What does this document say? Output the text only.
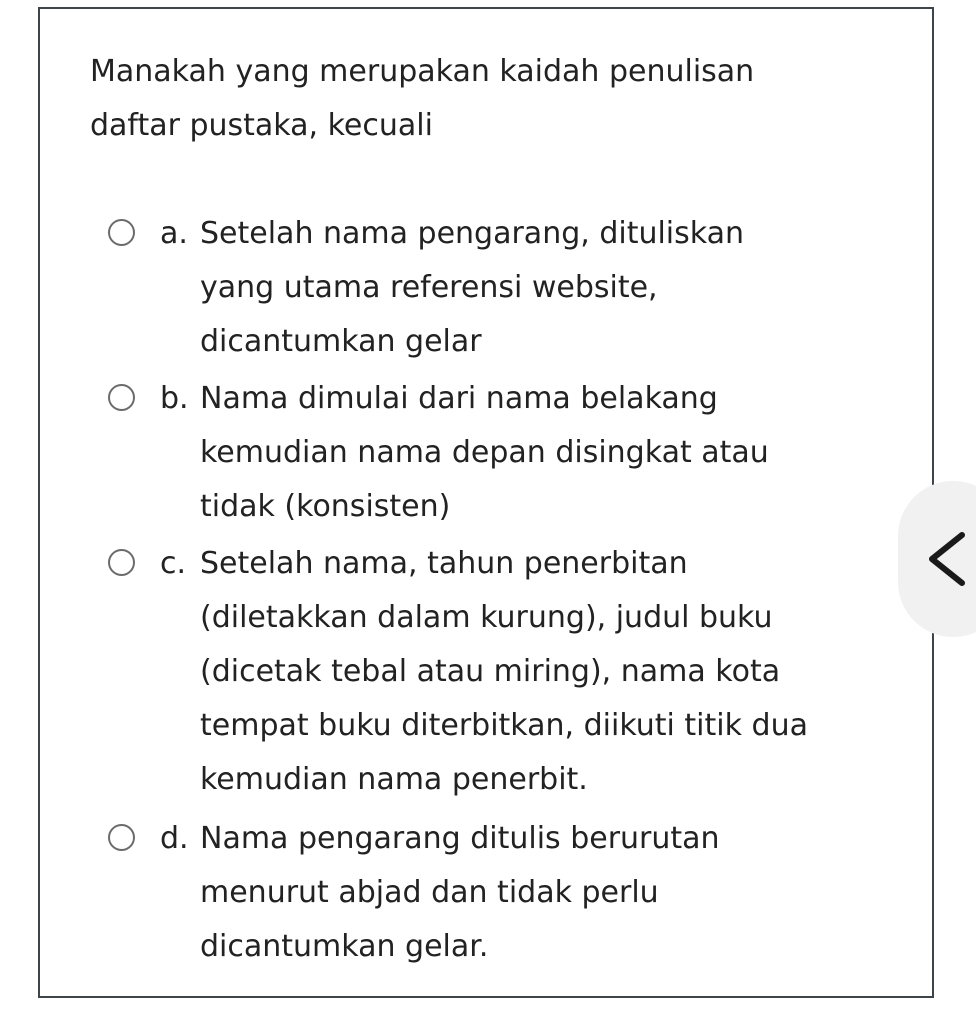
Manakah yang merupakan kaidah penulisan
daftar pustaka, kecuali

a. Setelah nama pengarang, dituliskan
yang utama referensi website,
dicantumkan gelar
b. Nama dimulai dari nama belakang
kemudian nama depan disingkat atau
tidak (konsisten)
c. Setelah nama, tahun penerbitan
(diletakkan dalam kurung), judul buku
(dicetak tebal atau miring), nama kota
tempat buku diterbitkan, diikuti titik dua
kemudian nama penerbit.
d. Nama pengarang ditulis berurutan
menurut abjad dan tidak perlu
dicantumkan gelar.
